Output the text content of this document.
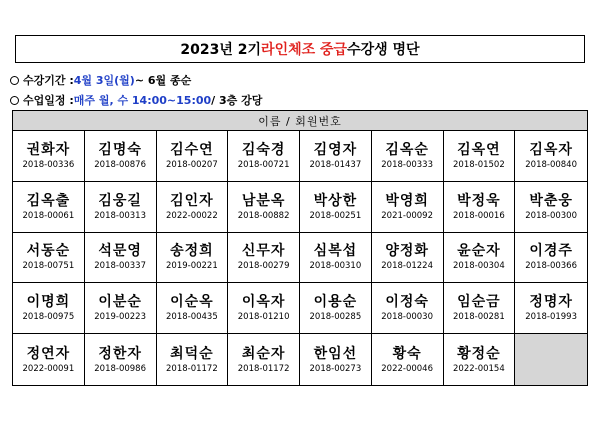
2023년 2기 라인체조 중급 수강생 명단
수강기간 : 4월 3일(월) ~ 6월 종순
수업일정 : 매주 월, 수 14:00~15:00 / 3층 강당
이름 / 회원번호
권화자
2018-00336
김명숙
2018-00876
김수연
2018-00207
김숙경
2018-00721
김영자
2018-01437
김옥순
2018-00333
김옥연
2018-01502
김옥자
2018-00840
김옥출
2018-00061
김웅길
2018-00313
김인자
2022-00022
남분옥
2018-00882
박상한
2018-00251
박영희
2021-00092
박정욱
2018-00016
박춘웅
2018-00300
서동순
2018-00751
석문영
2018-00337
송정희
2019-00221
신무자
2018-00279
심복섭
2018-00310
양정화
2018-01224
윤순자
2018-00304
이경주
2018-00366
이명희
2018-00975
이분순
2019-00223
이순옥
2018-00435
이옥자
2018-01210
이용순
2018-00285
이정숙
2018-00030
임순금
2018-00281
정명자
2018-01993
정연자
2022-00091
정한자
2018-00986
최덕순
2018-01172
최순자
2018-01172
한임선
2018-00273
황숙
2022-00046
황정순
2022-00154
